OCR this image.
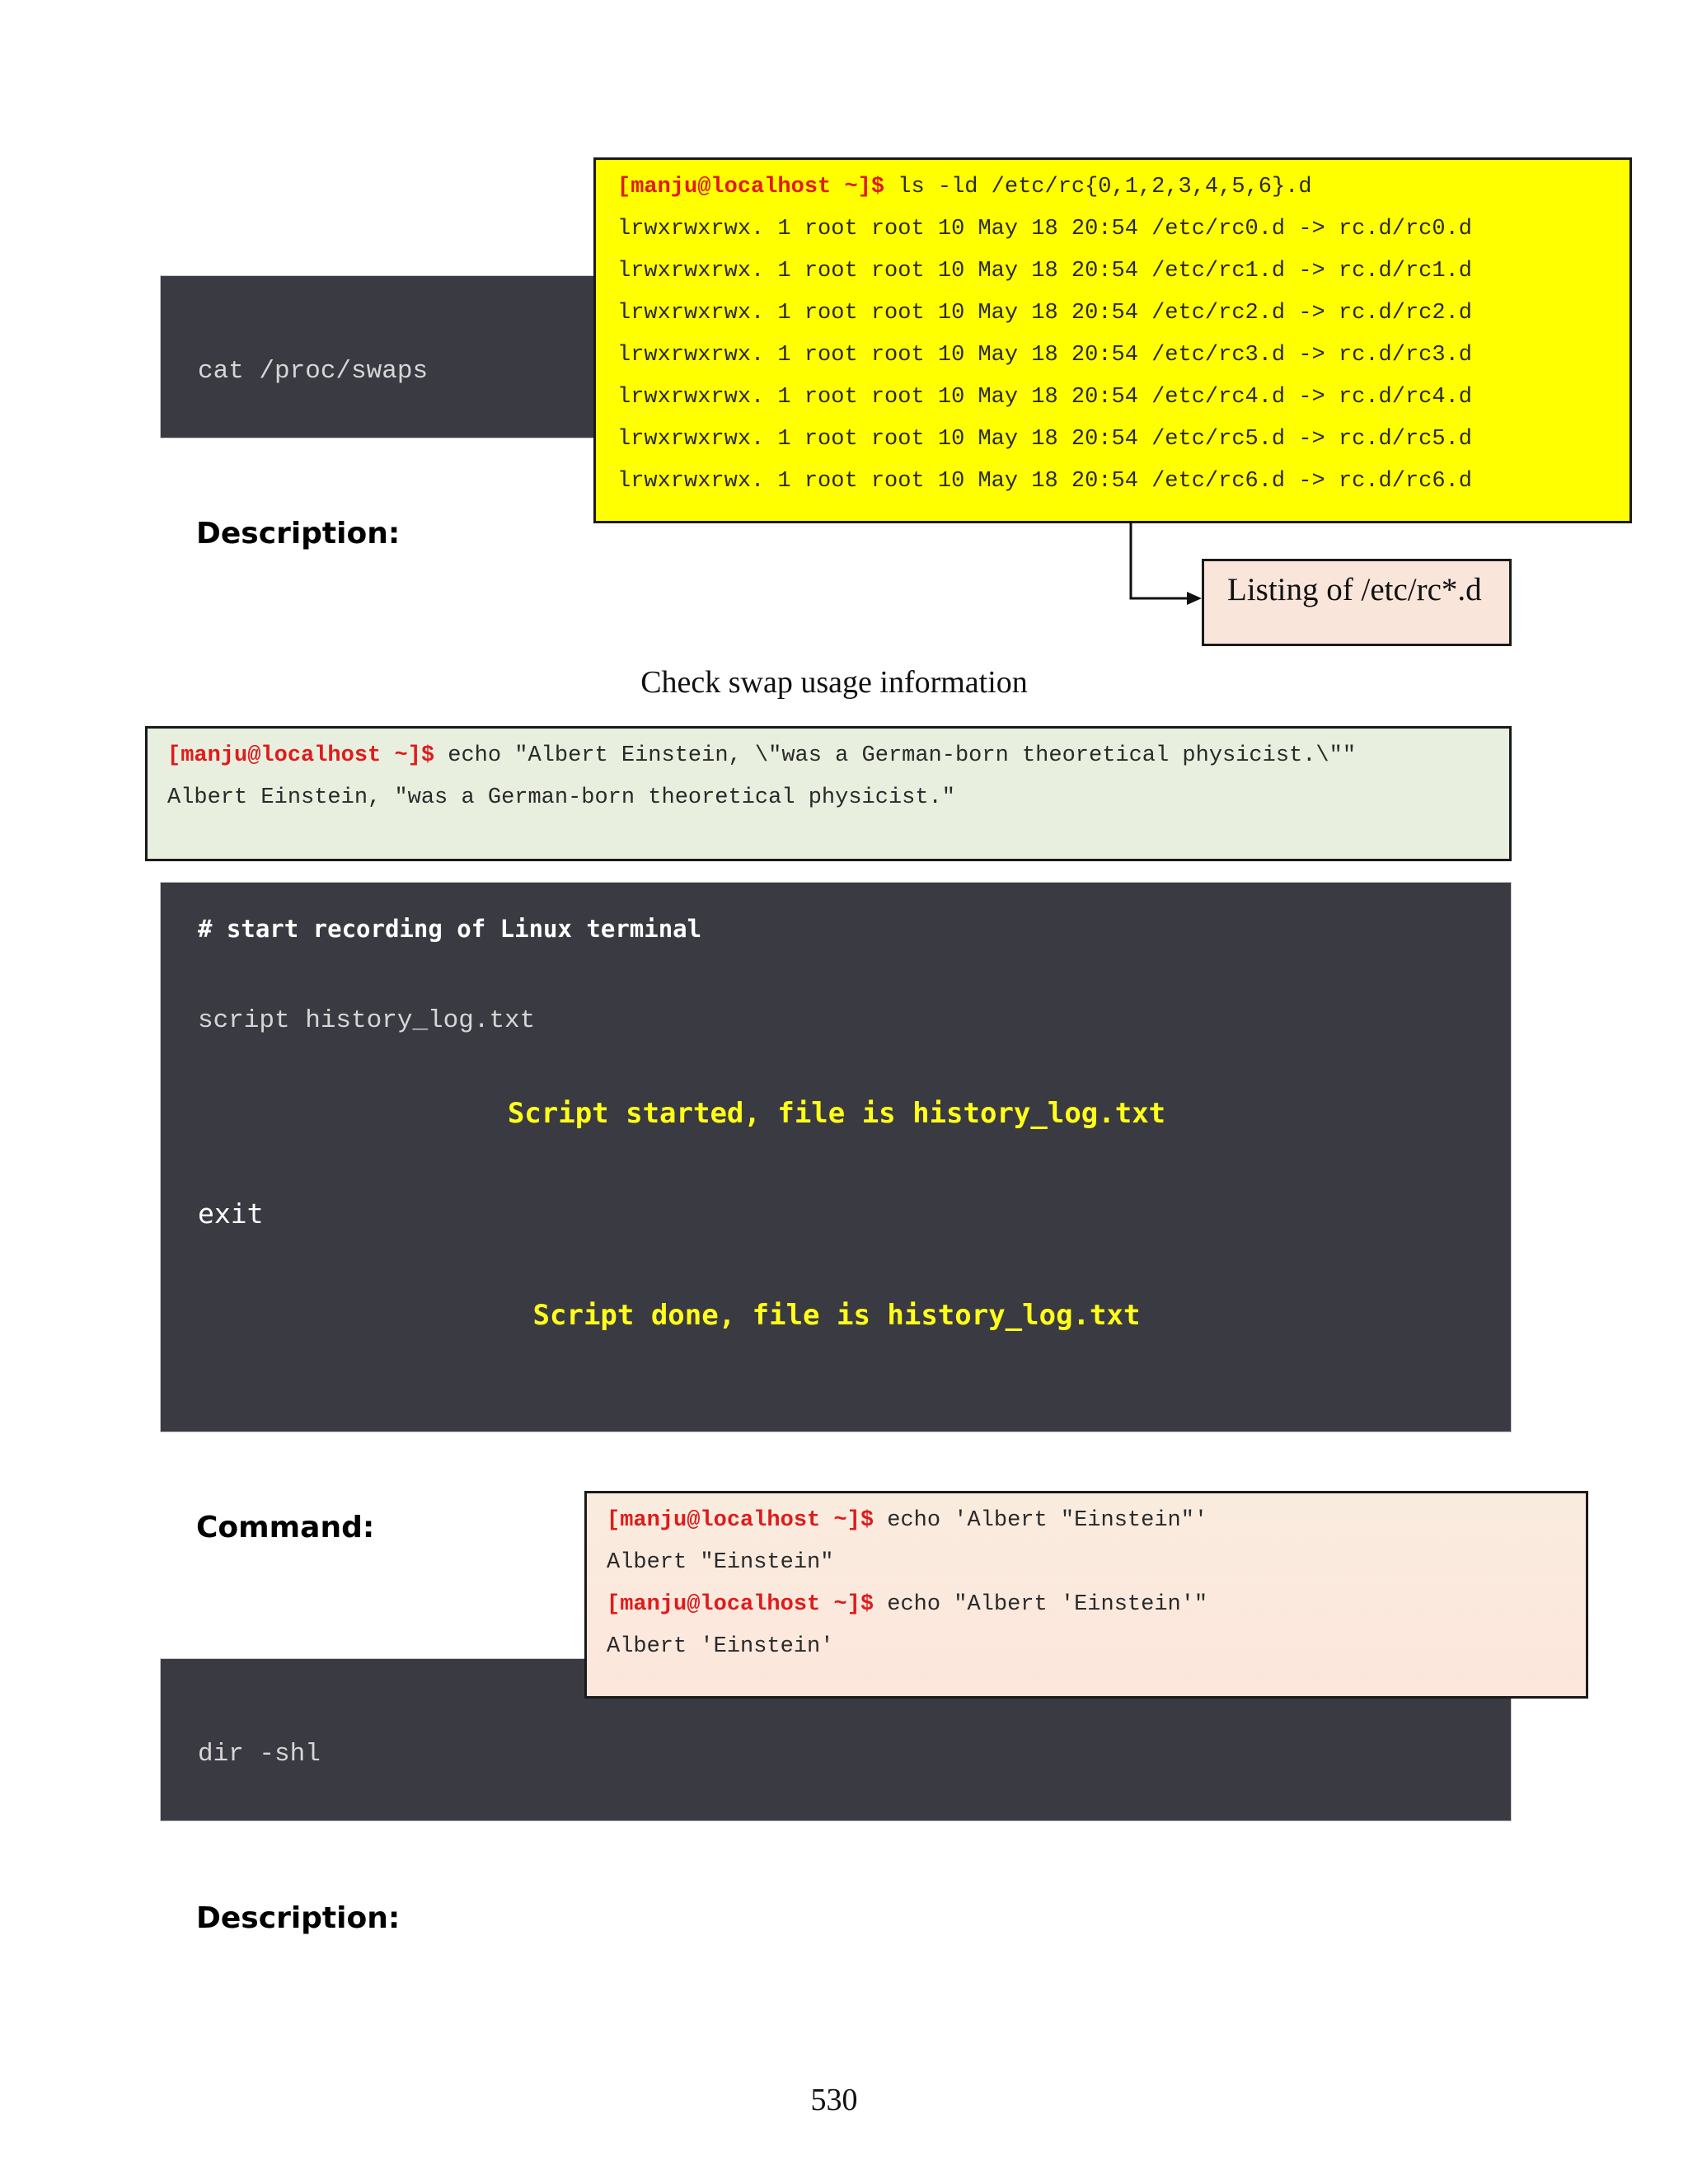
cat /proc/swaps
[manju@localhost ~]$ ls -ld /etc/rc{0,1,2,3,4,5,6}.d
lrwxrwxrwx. 1 root root 10 May 18 20:54 /etc/rc0.d -> rc.d/rc0.d
lrwxrwxrwx. 1 root root 10 May 18 20:54 /etc/rc1.d -> rc.d/rc1.d
lrwxrwxrwx. 1 root root 10 May 18 20:54 /etc/rc2.d -> rc.d/rc2.d
lrwxrwxrwx. 1 root root 10 May 18 20:54 /etc/rc3.d -> rc.d/rc3.d
lrwxrwxrwx. 1 root root 10 May 18 20:54 /etc/rc4.d -> rc.d/rc4.d
lrwxrwxrwx. 1 root root 10 May 18 20:54 /etc/rc5.d -> rc.d/rc5.d
lrwxrwxrwx. 1 root root 10 May 18 20:54 /etc/rc6.d -> rc.d/rc6.d
Listing of /etc/rc*.d
Description:
Check swap usage information
[manju@localhost ~]$ echo "Albert Einstein, \"was a German-born theoretical physicist.\""
Albert Einstein, "was a German-born theoretical physicist."
# start recording of Linux terminal
script history_log.txt
Script started, file is history_log.txt
exit
Script done, file is history_log.txt
Command:
dir -shl
[manju@localhost ~]$ echo 'Albert "Einstein"'
Albert "Einstein"
[manju@localhost ~]$ echo "Albert 'Einstein'"
Albert 'Einstein'
Description:
530
